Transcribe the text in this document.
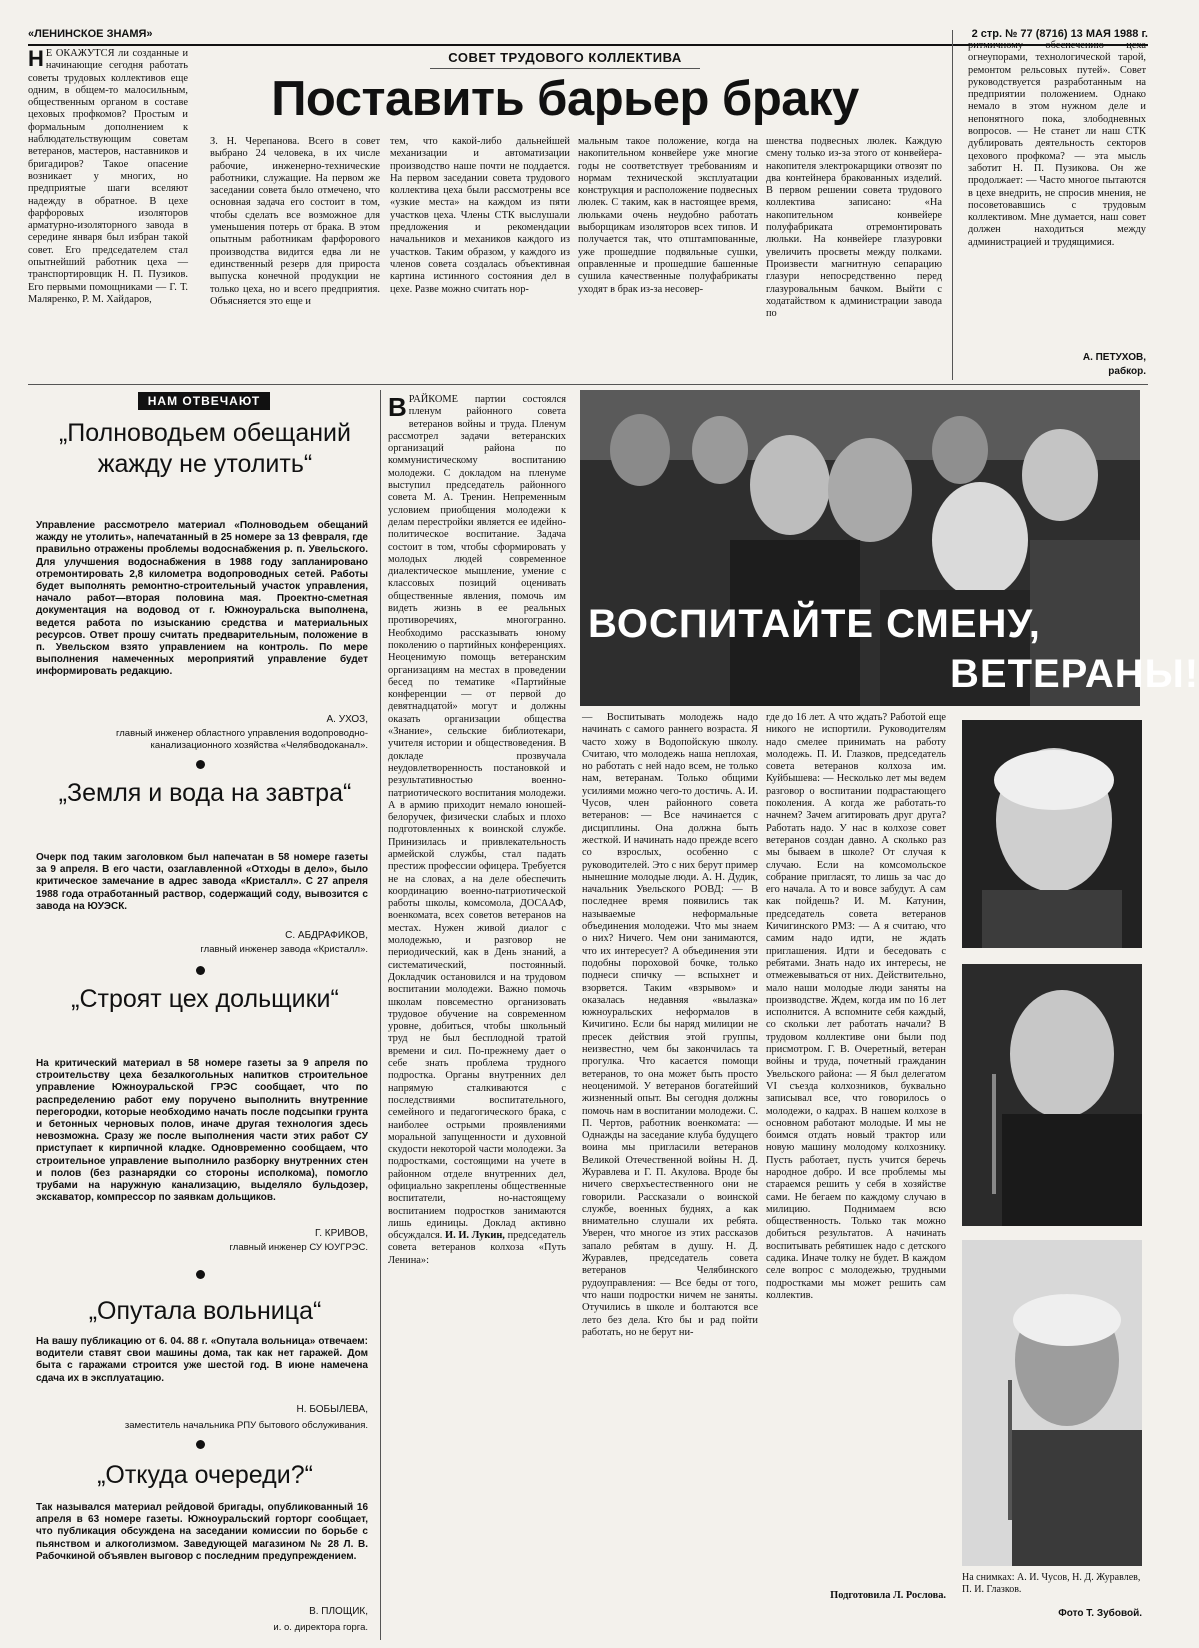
«ЛЕНИНСКОЕ ЗНАМЯ»	2 стр. № 77 (8716) 13 МАЯ 1988 г.
Н Е ОКАЖУТСЯ ли созданные и начинающие сегодня работать советы трудовых коллективов еще одним, в общем-то малосильным, общественным органом в составе цеховых профкомов? Простым и формальным дополнением к наблюдательствующим советам ветеранов, мастеров, наставников и бригадиров? Такое опасение возникает у многих, но предприятые шаги вселяют надежду в обратное. В цехе фарфоровых изоляторов арматурно-изоляторного завода в середине января был избран такой совет. Его председателем стал опытнейший работник цеха — транспортировщик Н. П. Пузиков. Его первыми помощниками — Г. Т. Маляренко, Р. М. Хайдаров,
СОВЕТ ТРУДОВОГО КОЛЛЕКТИВА
Поставить барьер браку
З. Н. Черепанова. Всего в совет выбрано 24 человека, в их числе рабочие, инженерно-технические работники, служащие. На первом же заседании совета было отмечено, что основная задача его состоит в том, чтобы сделать все возможное для уменьшения потерь от брака. В этом опытным работникам фарфорового производства видится едва ли не единственный резерв для прироста выпуска конечной продукции не только цеха, но и всего предприятия. Объясняется это еще и
тем, что какой-либо дальнейшей механизации и автоматизации производство наше почти не поддается. На первом заседании совета трудового коллектива цеха были рассмотрены все «узкие места» на каждом из пяти участков цеха. Члены СТК выслушали предложения и рекомендации начальников и механиков каждого из участков. Таким образом, у каждого из членов совета создалась объективная картина истинного состояния дел в цехе. Разве можно считать нор-
мальным такое положение, когда на накопительном конвейере уже многие годы не соответствует требованиям и нормам технической эксплуатации конструкция и расположение подвесных люлек. С таким, как в настоящее время, люльками очень неудобно работать выборщикам изоляторов всех типов. И получается так, что отштампованные, уже прошедшие подвяльные сушки, оправленные и прошедшие башенные сушила качественные полуфабрикаты уходят в брак из-за несовер-
шенства подвесных люлек. Каждую смену только из-за этого от конвейера-накопителя электрокарщики отвозят по два контейнера бракованных изделий. В первом решении совета трудового коллектива записано: «На накопительном конвейере полуфабриката отремонтировать люльки. На конвейере глазуровки увеличить просветы между полками. Произвести магнитную сепарацию глазури непосредственно перед глазуровальным бачком. Выйти с ходатайством к администрации завода по
ритмичному обеспечению цеха огнеупорами, технологической тарой, ремонтом рельсовых путей». Совет руководствуется разработанным на предприятии положением. Однако немало в этом нужном деле и непонятного пока, злободневных вопросов. — Не станет ли наш СТК дублировать деятельность секторов цехового профкома? — эта мысль заботит Н. П. Пузикова. Он же продолжает: — Часто многое пытаются в цехе внедрить, не спросив мнения, не посоветовавшись с трудовым коллективом. Мне думается, наш совет должен находиться между администрацией и трудящимися.
А. ПЕТУХОВ,
рабкор.
НАМ ОТВЕЧАЮТ
„Полноводьем обещаний жажду не утолить“
Управление рассмотрело материал «Полноводьем обещаний жажду не утолить», напечатанный в 25 номере за 13 февраля, где правильно отражены проблемы водоснабжения р. п. Увельского. Для улучшения водоснабжения в 1988 году запланировано отремонтировать 2,8 километра водопроводных сетей. Работы будет выполнять ремонтно-строительный участок управления, начало работ—вторая половина мая. Проектно-сметная документация на водовод от г. Южноуральска выполнена, ведется работа по изысканию средства и материальных ресурсов. Ответ прошу считать предварительным, положение в п. Увельском взято управлением на контроль. По мере выполнения намеченных мероприятий управление будет информировать редакцию.
А. УХОЗ,
главный инженер областного управления водопроводно-канализационного хозяйства «Челябводоканал».
„Земля и вода на завтра“
Очерк под таким заголовком был напечатан в 58 номере газеты за 9 апреля. В его части, озаглавленной «Отходы в дело», было критическое замечание в адрес завода «Кристалл». С 27 апреля 1988 года отработанный раствор, содержащий соду, вывозится с завода на ЮУЭСК.
С. АБДРАФИКОВ,
главный инженер завода «Кристалл».
„Строят цех дольщики“
На критический материал в 58 номере газеты за 9 апреля по строительству цеха безалкогольных напитков строительное управление Южноуральской ГРЭС сообщает, что по распределению работ ему поручено выполнить внутренние перегородки, которые необходимо начать после подсыпки грунта и бетонных черновых полов, иначе другая технология здесь невозможна. Сразу же после выполнения части этих работ СУ приступает к кирпичной кладке. Одновременно сообщаем, что строительное управление выполнило разборку внутренних стен и полов (без разнарядки со стороны исполкома), помогло трубами на наружную канализацию, выделяло бульдозер, экскаватор, компрессор по заявкам дольщиков.
Г. КРИВОВ,
главный инженер СУ ЮУГРЭС.
„Опутала вольница“
На вашу публикацию от 6. 04. 88 г. «Опутала вольница» отвечаем: водители ставят свои машины дома, так как нет гаражей. Дом быта с гаражами строится уже шестой год. В июне намечена сдача их в эксплуатацию.
Н. БОБЫЛЕВА,
заместитель начальника РПУ бытового обслуживания.
„Откуда очереди?“
Так назывался материал рейдовой бригады, опубликованный 16 апреля в 63 номере газеты. Южноуральский горторг сообщает, что публикация обсуждена на заседании комиссии по борьбе с пьянством и алкоголизмом. Заведующей магазином № 28 Л. В. Рабочкиной объявлен выговор с последним предупреждением.
В. ПЛОЩИК,
и. о. директора горга.
ВРАЙКОМЕ партии состоялся пленум районного совета ветеранов войны и труда. Пленум рассмотрел задачи ветеранских организаций района по коммунистическому воспитанию молодежи. С докладом на пленуме выступил председатель районного совета М. А. Тренин. Непременным условием приобщения молодежи к делам перестройки является ее идейно-политическое воспитание. Задача состоит в том, чтобы сформировать у молодых людей современное диалектическое мышление, умение с классовых позиций оценивать общественные явления, помочь им видеть жизнь в ее реальных противоречиях, многогранно. Необходимо рассказывать юному поколению о партийных конференциях. Неоценимую помощь ветеранским организациям на местах в проведении бесед по тематике «Партийные конференции — от первой до девятнадцатой» могут и должны оказать организации общества «Знание», сельские библиотекари, учителя истории и обществоведения. В докладе прозвучала неудовлетворенность постановкой и результативностью военно-патриотического воспитания молодежи. А в армию приходит немало юношей-белоручек, физически слабых и плохо подготовленных к воинской службе. Принизилась и привлекательность армейской службы, стал падать престиж профессии офицера. Требуется не на словах, а на деле обеспечить координацию военно-патриотической работы школы, комсомола, ДОСААФ, военкомата, всех советов ветеранов на местах. Нужен живой диалог с молодежью, и разговор не периодический, как в День знаний, а систематический, постоянный. Докладчик остановился и на трудовом воспитании молодежи. Важно помочь школам повсеместно организовать трудовое обучение на современном уровне, добиться, чтобы школьный труд не был бесплодной тратой времени и сил. По-прежнему дает о себе знать проблема трудного подростка. Органы внутренних дел напрямую сталкиваются с последствиями воспитательного, семейного и педагогического брака, с наиболее острыми проявлениями моральной запущенности и духовной скудости некоторой части молодежи. За подростками, состоящими на учете в районном отделе внутренних дел, официально закреплены общественные воспитатели, но-настоящему воспитанием подростков занимаются лишь единицы. Доклад активно обсуждался. И. И. Лукин, председатель совета ветеранов колхоза «Путь Ленина»:
ВОСПИТАЙТЕ СМЕНУ,
ВЕТЕРАНЫ!
— Воспитывать молодежь надо начинать с самого раннего возраста. Я часто хожу в Водопойскую школу. Считаю, что молодежь наша неплохая, но работать с ней надо всем, не только нам, ветеранам. Только общими усилиями можно чего-то достичь. А. И. Чусов, член районного совета ветеранов: — Все начинается с дисциплины. Она должна быть жесткой. И начинать надо прежде всего со взрослых, особенно с руководителей. Это с них берут пример нынешние молодые люди. А. Н. Дудик, начальник Увельского РОВД: — В последнее время появились так называемые неформальные объединения молодежи. Что мы знаем о них? Ничего. Чем они занимаются, что их интересует? А объединения эти подобны пороховой бочке, только поднеси спичку — вспыхнет и взорвется. Таким «взрывом» и оказалась недавняя «вылазка» южноуральских неформалов в Кичигино. Если бы наряд милиции не пресек действия этой группы, неизвестно, чем бы закончилась та прогулка. Что касается помощи ветеранов, то она может быть просто неоценимой. У ветеранов богатейший жизненный опыт. Вы сегодня должны помочь нам в воспитании молодежи. С. П. Чертов, работник военкомата: — Однажды на заседание клуба будущего воина мы пригласили ветеранов Великой Отечественной войны Н. Д. Журавлева и Г. П. Акулова. Вроде бы ничего сверхъестественного они не говорили. Рассказали о воинской службе, военных буднях, а как внимательно слушали их ребята. Уверен, что многое из этих рассказов запало ребятам в душу. Н. Д. Журавлев, председатель совета ветеранов Челябинского рудоуправления: — Все беды от того, что наши подростки ничем не заняты. Отучились в школе и болтаются все лето без дела. Кто бы и рад пойти работать, но не берут ни-
где до 16 лет. А что ждать? Работой еще никого не испортили. Руководителям надо смелее принимать на работу молодежь. П. И. Глазков, председатель совета ветеранов колхоза им. Куйбышева: — Несколько лет мы ведем разговор о воспитании подрастающего поколения. А когда же работать-то начнем? Зачем агитировать друг друга? Работать надо. У нас в колхозе совет ветеранов создан давно. А сколько раз мы бываем в школе? От случая к случаю. Если на комсомольское собрание пригласят, то лишь за час до его начала. А то и вовсе забудут. А сам как пойдешь? И. М. Катунин, председатель совета ветеранов Кичигинского РМЗ: — А я считаю, что самим надо идти, не ждать приглашения. Идти и беседовать с ребятами. Знать надо их интересы, не отмежевываться от них. Действительно, мало наши молодые люди заняты на производстве. Ждем, когда им по 16 лет исполнится. А вспомните себя каждый, со скольки лет работать начали? В трудовом коллективе они были под присмотром. Г. В. Очеретный, ветеран войны и труда, почетный гражданин Увельского района: — Я был делегатом VI съезда колхозников, буквально записывал все, что говорилось о молодежи, о кадрах. В нашем колхозе в основном работают молодые. И мы не боимся отдать новый трактор или новую машину молодому колхознику. Пусть работает, пусть учится беречь народное добро. И все проблемы мы стараемся решить у себя в хозяйстве сами. Не бегаем по каждому случаю в милицию. Поднимаем всю общественность. Только так можно добиться результатов. А начинать воспитывать ребятишек надо с детского садика. Иначе толку не будет. В каждом селе вопрос с молодежью, трудными подростками мы может решить сам коллектив.
Подготовила Л. Рослова.
На снимках: А. И. Чусов, Н. Д. Журавлев, П. И. Глазков.
Фото Т. Зубовой.
